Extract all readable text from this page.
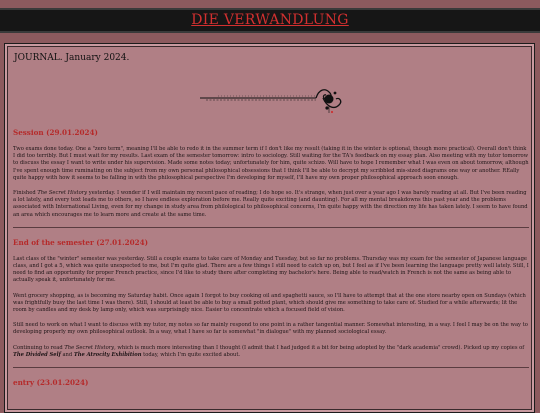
DIE VERWANDLUNG
JOURNAL. January 2024.
Session (29.01.2024)

Two exams done today. One a "zero term", meaning I'll be able to redo it in the summer term if I don't like my result (taking it in the winter is optional, though more practical). Overall don't think I did too terribly. But I must wait for my results. Last exam of the semester tomorrow: intro to sociology. Still waiting for the TA's feedback on my essay plan. Also meeting with my tutor tomorrow to discuss the essay I want to write under his supervision. Made some notes today; unfortunately for him, quite schizo. Will have to hope I remember what I was even on about tomorrow, although I've spent enough time ruminating on the subject from my own personal philosophical obsessions that I think I'll be able to decrypt my scribbled mis-sized diagrams one way or another. REally quite happy with how it seems to be falling in with the philosophical perspective I'm developing for myself, I'll have my own proper philosophical approach soon enough.

Finished The Secret History yesterday. I wonder if I will maintain my recent pace of reading; I do hope so. It's strange, when just over a year ago I was barely reading at all. But I've been reading a lot lately, and every text leads me to others, so I have endless exploration before me. Really quite exciting (and daunting). For all my mental breakdowns this past year and the problems associated with International Living, even for my change in study area from philological to philosophical concerns, I'm quite happy with the direction my life has taken lately. I seem to have found an area which encourages me to learn more and create at the same time.

End of the semester (27.01.2024)

Last class of the "winter" semester was yesterday. Still a couple exams to take care of Monday and Tuesday, but so far no problems. Thursday was my exam for the semester of Japanese language class, and I got a 5, which was quite unexpected to me, but I'm quite glad. There are a few things I still need to catch up on, but I feel as if I've been learning the language pretty well lately. Still, I need to find an opportunity for proper French practice, since I'd like to study there after completing my bachelor's here. Being able to read/watch in French is not the same as being able to actually speak it, unfortunately for me.

Went grocery shopping, as is becoming my Saturday habit. Once again I forgot to buy cooking oil and spaghetti sauce, so I'll have to attempt that at the one store nearby open on Sundays (which was frightfully busy the last time I was there). Still, I should at least be able to buy a small potted plant, which should give me something to take care of. Studied for a while afterwards; lit the room by candles and my desk by lamp only, which was surprisingly nice. Easier to concentrate which a focused field of vision.

Still need to work on what I want to discuss with my tutor, my notes so far mainly respond to one point in a rather tangential manner. Somewhat interesting, in a way. I feel I may be on the way to developing properly my own philosophical outlook. In a way, what I have so far is somewhat "in dialogue" with my planned sociological essay.

Continuing to read The Secret History, which is much more interesting than I thought (I admit that I had judged it a bit for being adopted by the "dark academia" crowd). Picked up my copies of The Divided Self and The Atrocity Exhibition today, which I'm quite excited about.

entry (23.01.2024)
